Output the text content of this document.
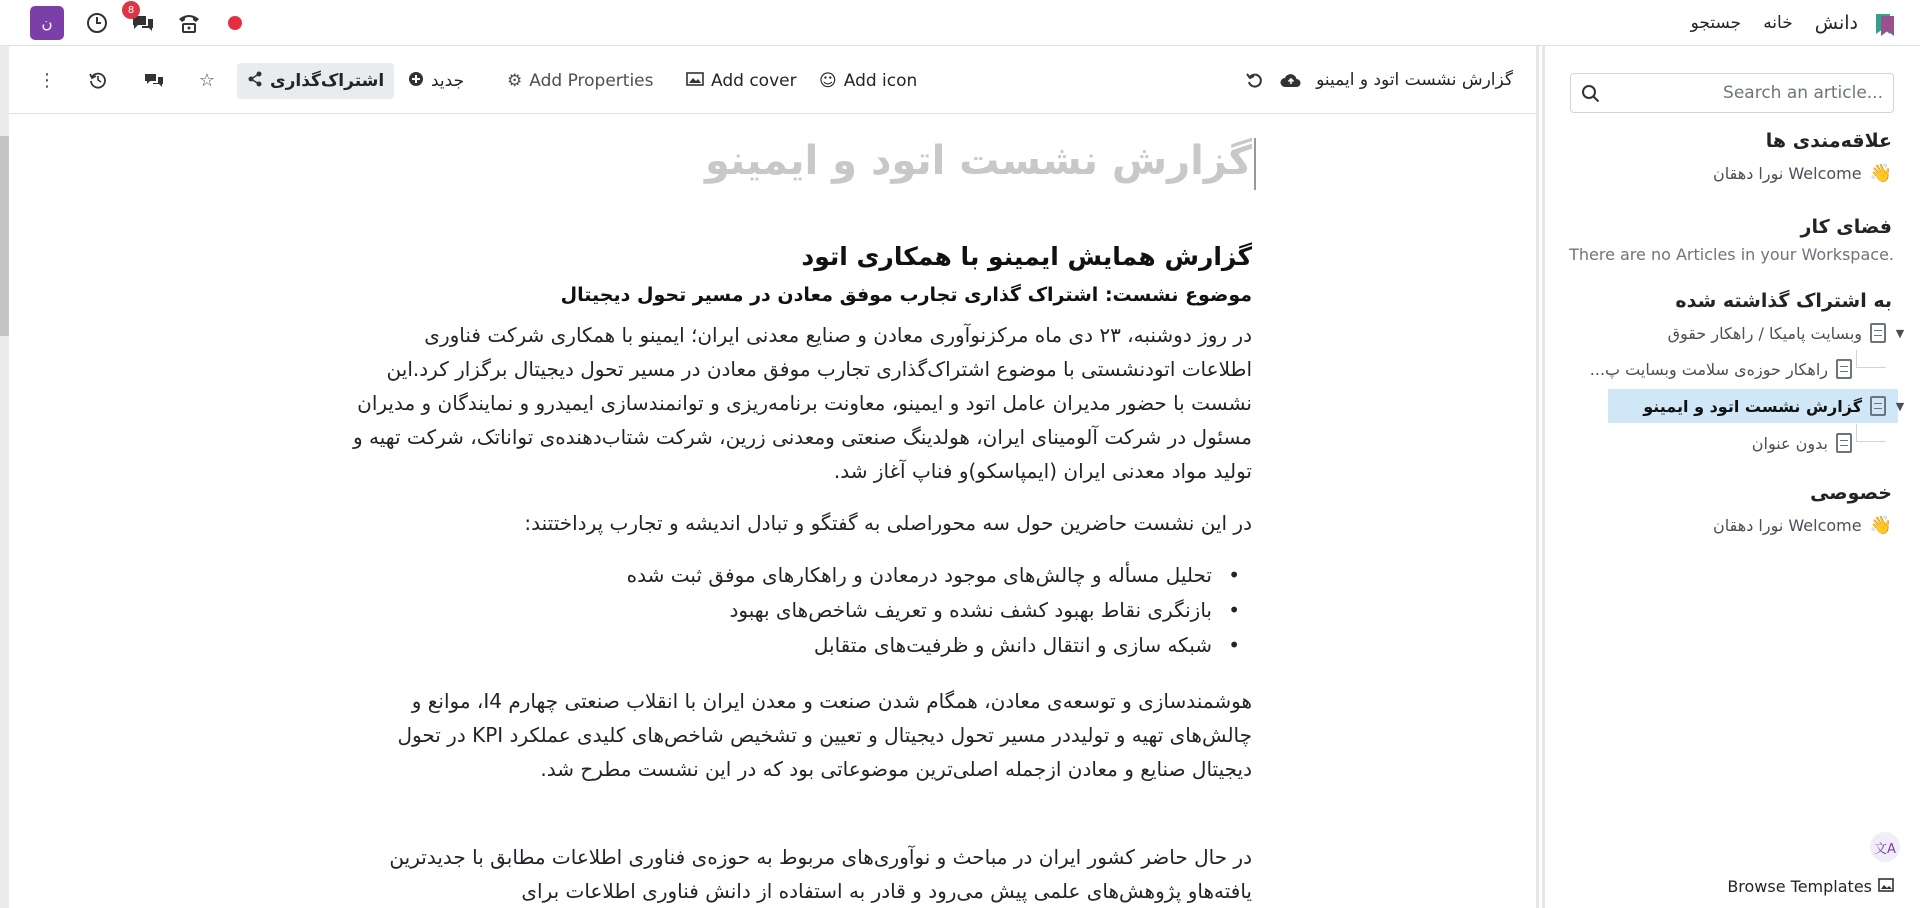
دانش
خانه
جستجو
ن
8
گزارش نشست اتود و ایمینو
☺ Add icon
Add cover
⚙ Add Properties
جدید
اشتراک‌گذاری
☆
⋮
گزارش نشست اتود و ایمینو
گزارش همایش ایمینو با همکاری اتود
موضوع نشست: اشتراک گذاری تجارب موفق معادن در مسیر تحول دیجیتال

در روز دوشنبه، ۲۳ دی ماه مرکزنوآوری معادن و صنایع معدنی ایران؛ ایمینو با همکاری شرکت فناوری اطلاعات اتودنشستی با موضوع اشتراک‌گذاری تجارب موفق معادن در مسیر تحول دیجیتال برگزار کرد.این نشست با حضور مدیران عامل اتود و ایمینو، معاونت برنامه‌ریزی و توانمندسازی ایمیدرو و نمایندگان و مدیران مسئول در شرکت آلومینای ایران، هولدینگ صنعتی ومعدنی زرین، شرکت شتاب‌دهنده‌ی تواناتک، شرکت تهیه و تولید مواد معدنی ایران (ایمپاسکو)و فناپ آغاز شد.

در این نشست حاضرین حول سه محوراصلی به گفتگو و تبادل اندیشه و تجارب پرداختتند:

• تحلیل مسأله و چالش‌های موجود درمعادن و راهکارهای موفق ثبت شده
• بازنگری نقاط بهبود کشف نشده و تعریف شاخص‌های بهبود
• شبکه سازی و انتقال دانش و ظرفیت‌های متقابل

هوشمندسازی و توسعه‌ی معادن، همگام شدن صنعت و معدن ایران با انقلاب صنعتی چهارم I4، موانع و چالش‌های تهیه و تولیددر مسیر تحول دیجیتال و تعیین و تشخیص شاخص‌های کلیدی عملکرد KPI در تحول دیجیتال صنایع و معادن ازجمله اصلی‌ترین موضوعاتی بود که در این نشست مطرح شد.

در حال حاضر کشور ایران در مباحث و نوآوری‌های مربوط به حوزه‌ی فناوری اطلاعات مطابق با جدیدترین یافته‌هاو پژوهش‌های علمی پیش می‌رود و قادر به استفاده از دانش فناوری اطلاعات برای

Search an article...
علاقه‌مندی ها
👋
Welcome نورا دهقان
فضای کار
There are no Articles in your Workspace.
به اشتراک گذاشته شده
▼
وبسایت پامیکا / راهکار حقوق
راهکار حوزه‌ی سلامت وبسایت پ...
▼
گزارش نشست اتود و ایمینو
بدون عنوان
خصوصی
👋
Welcome نورا دهقان
文A
Browse Templates
